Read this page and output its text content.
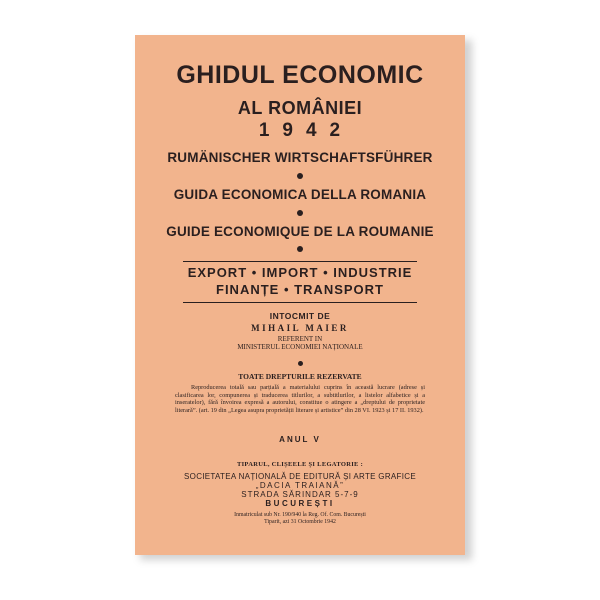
GHIDUL ECONOMIC
AL ROMÂNIEI
1942
RUMÄNISCHER WIRTSCHAFTSFÜHRER
GUIDA ECONOMICA DELLA ROMANIA
GUIDE ECONOMIQUE DE LA ROUMANIE
EXPORT • IMPORT • INDUSTRIE
FINANȚE • TRANSPORT
INTOCMIT DE
MIHAIL MAIER
REFERENT IN
MINISTERUL ECONOMIEI NAȚIONALE
TOATE DREPTURILE REZERVATE
Reproducerea totală sau parțială a materialului cuprins în această lucrare (adrese și clasificarea lor, compunerea și traducerea titlurilor, a subtitlurilor, a listelor alfabetice și a inseratelor), fără învoirea expresă a autorului, constitue o atingere a „dreptului de proprietate literară”. (art. 19 din „Legea asupra proprietății literare și artistice” din 28 VI. 1923 și 17 II. 1932).
ANUL V
TIPARUL, CLIȘEELE ȘI LEGATORIE :
SOCIETATEA NAȚIONALĂ DE EDITURĂ ȘI ARTE GRAFICE
„DACIA TRAIANĂ”
STRADA SĂRINDAR 5-7-9
BUCUREȘTI
Inmatriculat sub Nr. 190/940 la Reg. Of. Com. București
Tiparit, azi 31 Octombrie 1942
